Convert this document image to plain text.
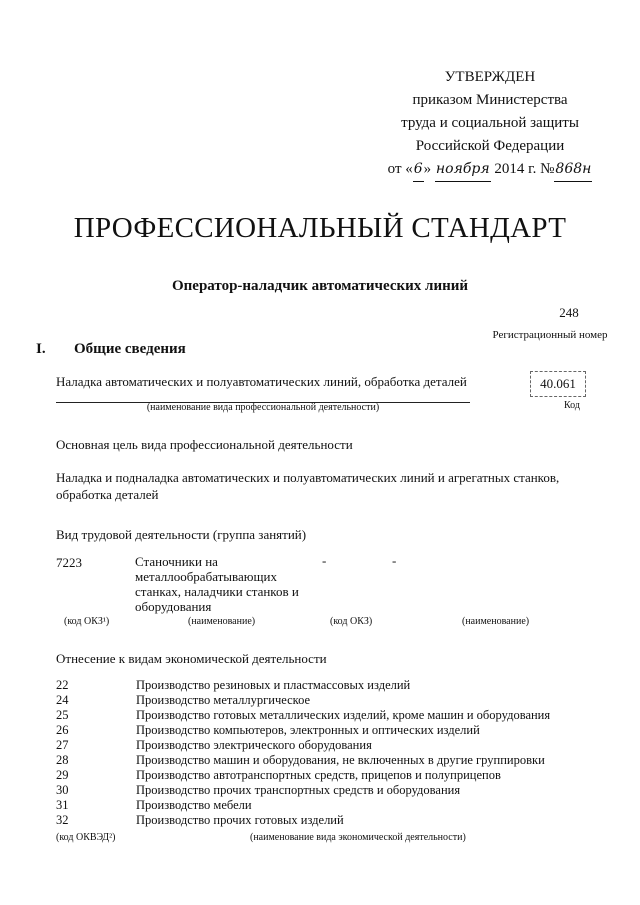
УТВЕРЖДЕН
приказом Министерства
труда и социальной защиты
Российской Федерации
от «6» ноября 2014 г. №868н
ПРОФЕССИОНАЛЬНЫЙ СТАНДАРТ
Оператор-наладчик автоматических линий
248
Регистрационный номер
I. Общие сведения
Наладка автоматических и полуавтоматических линий, обработка деталей
(наименование вида профессиональной деятельности)
40.061
Код
Основная цель вида профессиональной деятельности
Наладка и подналадка автоматических и полуавтоматических линий и агрегатных станков, обработка деталей
Вид трудовой деятельности (группа занятий)
7223	Станочники на металлообрабатывающих станках, наладчики станков и оборудования
-	-
(код ОКЗ¹)	(наименование)	(код ОКЗ)	(наименование)
Отнесение к видам экономической деятельности
22	Производство резиновых и пластмассовых изделий
24	Производство металлургическое
25	Производство готовых металлических изделий, кроме машин и оборудования
26	Производство компьютеров, электронных и оптических изделий
27	Производство электрического оборудования
28	Производство машин и оборудования, не включенных в другие группировки
29	Производство автотранспортных средств, прицепов и полуприцепов
30	Производство прочих транспортных средств и оборудования
31	Производство мебели
32	Производство прочих готовых изделий
(код ОКВЭД²)	(наименование вида экономической деятельности)
